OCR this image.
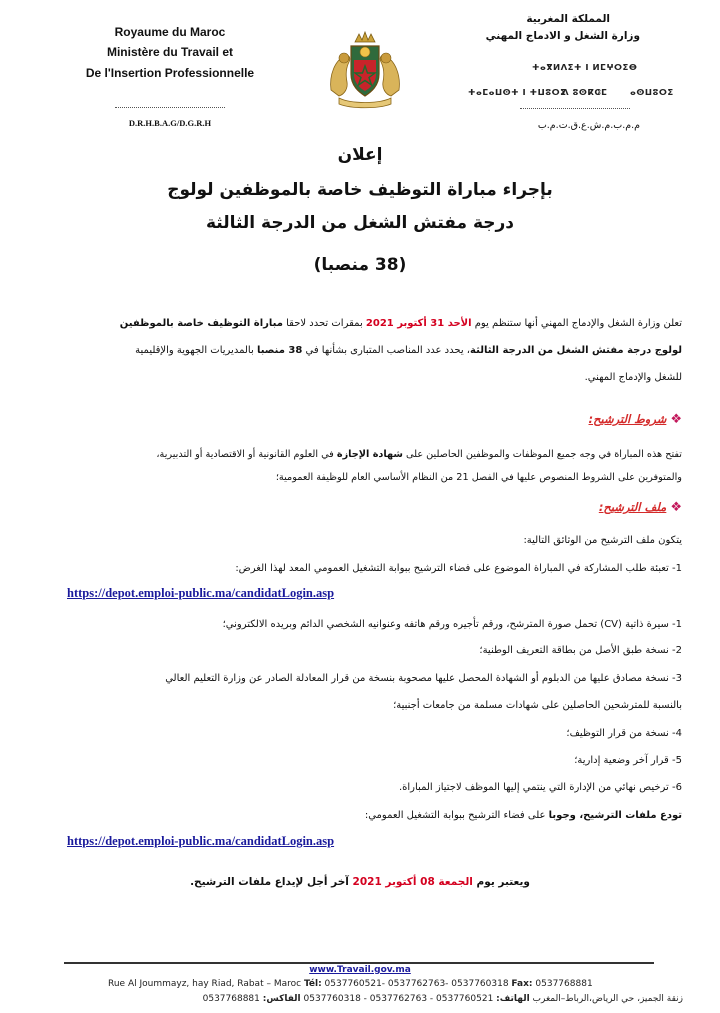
Royaume du Maroc
Ministère du Travail et
De l'Insertion Professionnelle
D.R.H.B.A.G/D.G.R.H
المملكة المغربية
وزارة الشغل و الادماج المهني
ⵜⴰⴳⵍⴷⵉⵜ ⵏ ⵍⵎⵖⵔⵉⴱ
ⵜⴰⵎⴰⵡⵙⵜ ⵏ ⵜⵡⵓⵔⵉ
ⴷ ⵓⵙⴽⵛⵎ	ⴰⵙⵡⵓⵔⵉ
م.م.ب.م.ش.ع.ق.ت.م.ب
إعلان
بإجراء مباراة التوظيف خاصة بالموظفين لولوج
درجة مفتش الشغل من الدرجة الثالثة
(38 منصبا)
تعلن وزارة الشغل والإدماج المهني أنها ستنظم يوم الأحد 31 أكتوبر 2021 بمقرات تحدد لاحقا مباراة التوظيف خاصة بالموظفين
لولوج درجة مفتش الشغل من الدرجة الثالثة، يحدد عدد المناصب المتبارى بشأنها في 38 منصبا بالمديريات الجهوية والإقليمية
للشغل والإدماج المهني.
❖شروط الترشيح:
تفتح هذه المباراة في وجه جميع الموظفات والموظفين الحاصلين على شهادة الإجازة في العلوم القانونية أو الاقتصادية أو التدبيرية،
والمتوفرين على الشروط المنصوص عليها في الفصل 21 من النظام الأساسي العام للوظيفة العمومية؛
❖ملف الترشيح:
يتكون ملف الترشيح من الوثائق التالية:
1- تعبئة طلب المشاركة في المباراة الموضوع على فضاء الترشيح ببوابة التشغيل العمومي المعد لهذا الغرض:
https://depot.emploi-public.ma/candidatLogin.asp
1- سيرة ذاتية (CV) تحمل صورة المترشح، ورقم تأجيره ورقم هاتفه وعنوانيه الشخصي الدائم وبريده الالكتروني؛
2- نسخة طبق الأصل من بطاقة التعريف الوطنية؛
3- نسخة مصادق عليها من الدبلوم أو الشهادة المحصل عليها مصحوبة بنسخة من قرار المعادلة الصادر عن وزارة التعليم العالي
بالنسبة للمترشحين الحاصلين على شهادات مسلمة من جامعات أجنبية؛
4- نسخة من قرار التوظيف؛
5- قرار آخر وضعية إدارية؛
6- ترخيص نهائي من الإدارة التي ينتمي إليها الموظف لاجتياز المباراة.
تودع ملفات الترشيح، وجوبا على فضاء الترشيح ببوابة التشغيل العمومي:
https://depot.emploi-public.ma/candidatLogin.asp
ويعتبر يوم الجمعة 08 أكتوبر 2021 آخر أجل لإيداع ملفات الترشيح.
www.Travail.gov.ma
Rue Al Joummayz, hay Riad, Rabat – Maroc Tél: 0537760521- 0537762763- 0537760318 Fax: 0537768881
زنقة الجميز، حي الرياض،الرباط–المغرب الهاتف: 0537760521 - 0537762763 - 0537760318 الفاكس: 0537768881
